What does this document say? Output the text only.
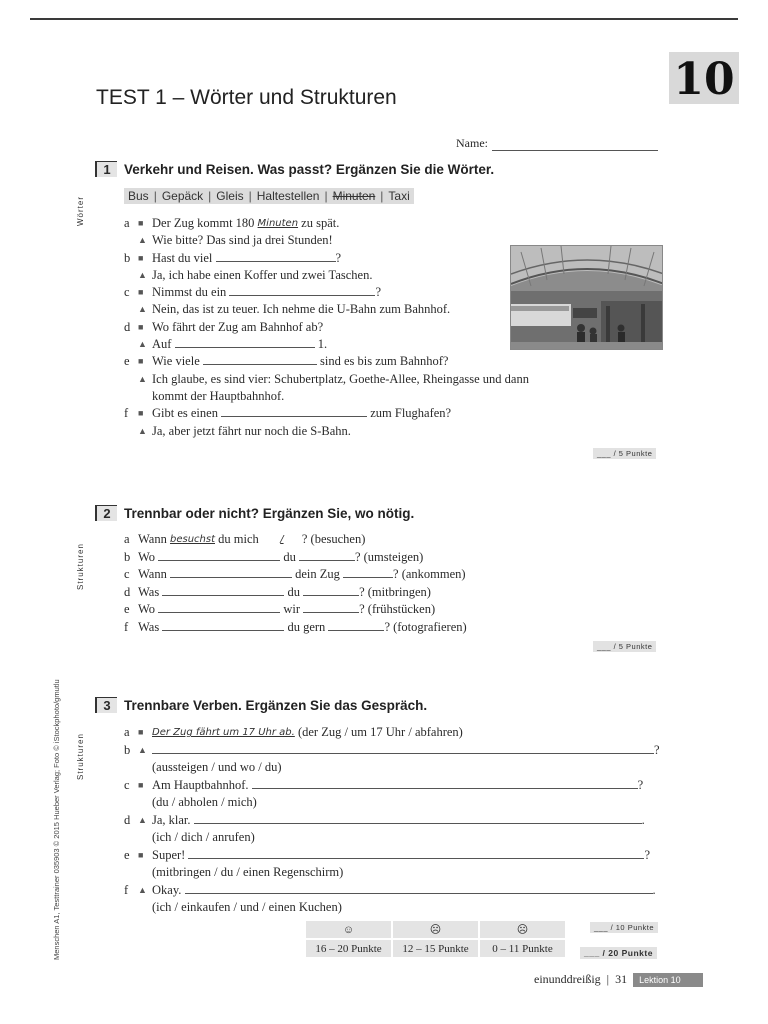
10
TEST 1 – Wörter und Strukturen
Name:
Wörter
Strukturen
Strukturen
Menschen A1, Testtrainer 035903 © 2015 Hueber Verlag; Foto © iStockphoto/gmutlu
1 Verkehr und Reisen. Was passt? Ergänzen Sie die Wörter.
Bus | Gepäck | Gleis | Haltestellen | Minuten | Taxi
a ■ Der Zug kommt 180
Minuten
zu spät.
▲ Wie bitte? Das sind ja drei Stunden!
b ■ Hast du viel
	?
▲ Ja, ich habe einen Koffer und zwei Taschen.
c ■ Nimmst du ein
	?
▲ Nein, das ist zu teuer. Ich nehme die U-Bahn zum Bahnhof.
d ■ Wo fährt der Zug am Bahnhof ab?
▲ Auf

	1.
e ■ Wie viele

	sind es bis zum Bahnhof?
▲ Ich glaube, es sind vier: Schubertplatz, Goethe-Allee, Rheingasse und dann
kommt der Hauptbahnhof.
f	■ Gibt es einen

	zum Flughafen?
▲ Ja, aber jetzt fährt nur noch die S-Bahn.
___ / 5 Punkte
2 Trennbar oder nicht? Ergänzen Sie, wo nötig.
a Wann
besuchst
du mich
	/	? (besuchen)
b Wo

	du
	? (umsteigen)
c Wann

	dein Zug
	? (ankommen)
d Was

	du
	? (mitbringen)
e Wo

	wir
	? (frühstücken)
f Was

	du gern
	? (fotografieren)
___ / 5 Punkte
3 Trennbare Verben. Ergänzen Sie das Gespräch.
a ■ Der Zug fährt um 17 Uhr ab.
(der Zug / um 17 Uhr / abfahren)
b ▲	?
(aussteigen / und wo / du)
c ■ Am Hauptbahnhof.
	?
(du / abholen / mich)
d ▲ Ja, klar.
	.
(ich / dich / anrufen)
e ■ Super!
	?
(mitbringen / du / einen Regenschirm)
f	▲ Okay.
	.
(ich / einkaufen / und / einen Kuchen)
☺	☹︎	☹
16 – 20 Punkte	12 – 15 Punkte	0 – 11 Punkte
___ / 10 Punkte
___ / 20 Punkte
einunddreißig | 31	Lektion 10
